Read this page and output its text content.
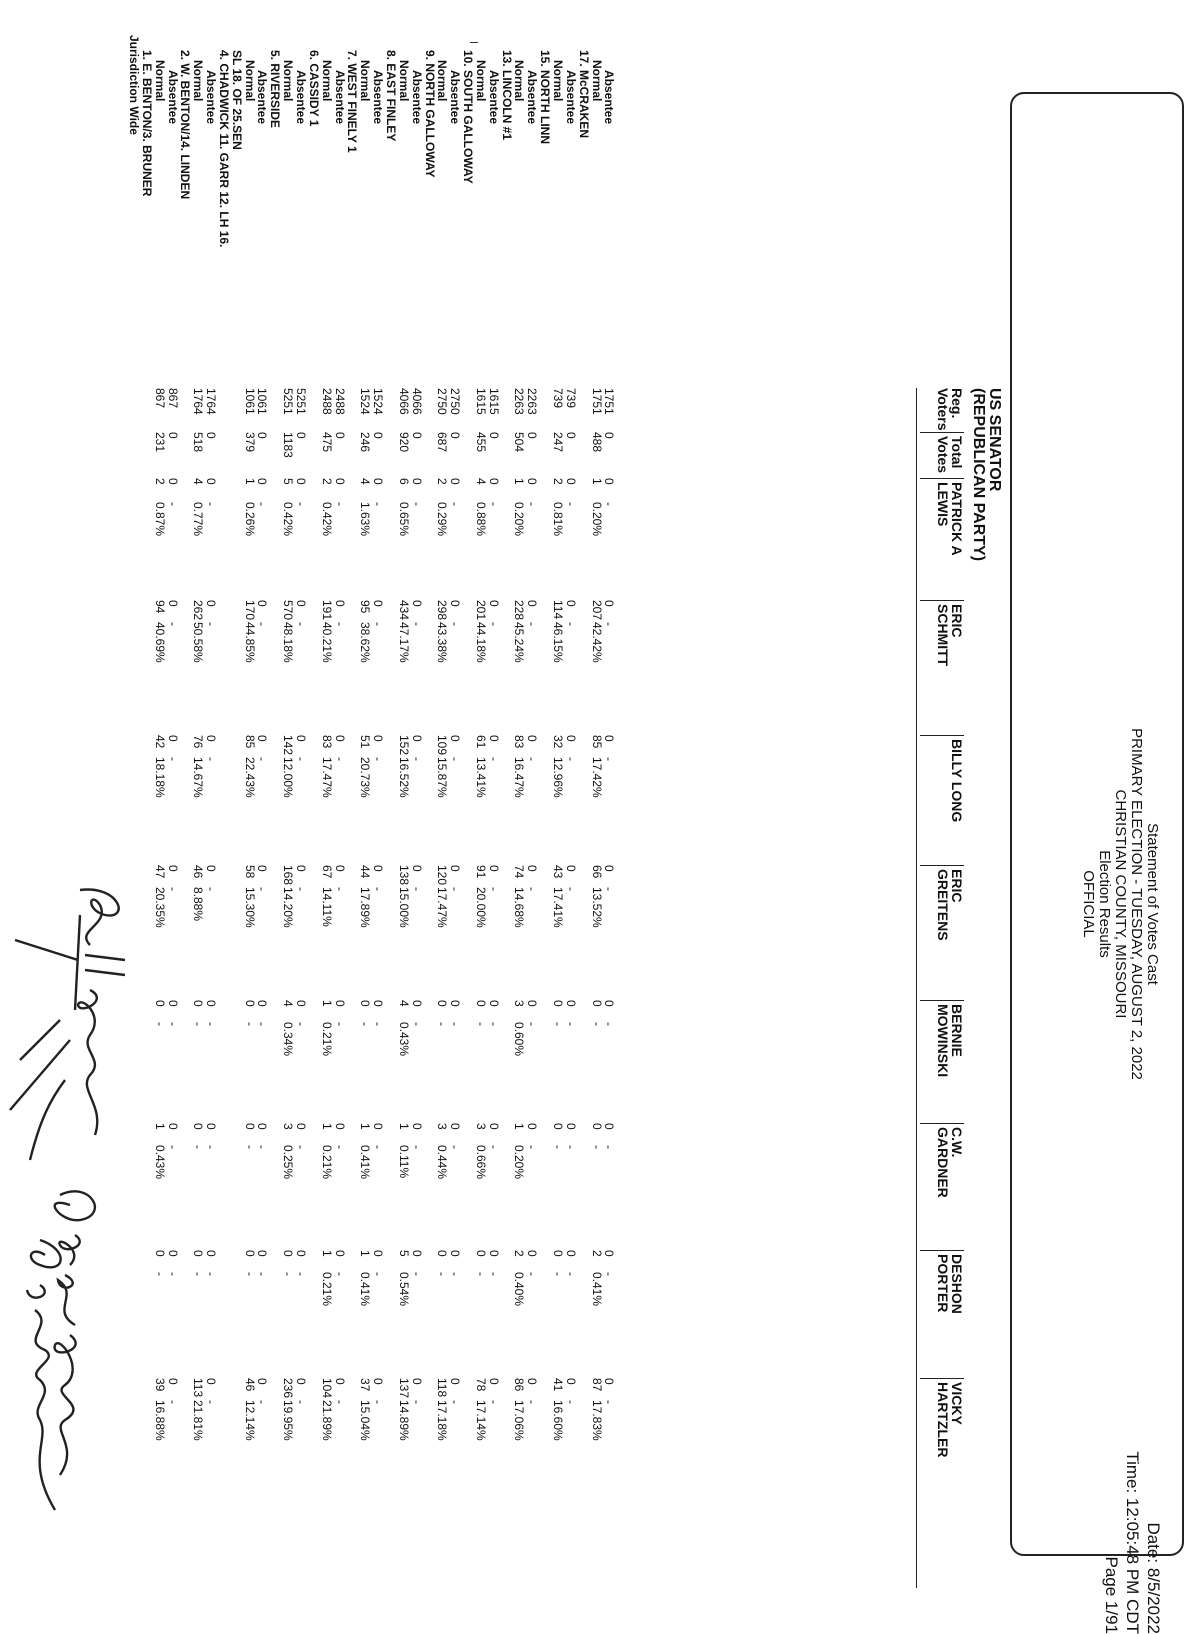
Statement of Votes Cast
PRIMARY ELECTION - TUESDAY, AUGUST 2, 2022
CHRISTIAN COUNTY, MISSOURI
Election Results
OFFICIAL
Date: 8/5/2022
Time: 12:05:48 PM CDT
Page 1/91
US SENATOR
(REPUBLICAN PARTY)
Reg.
Voters
Total
Votes
PATRICK A
LEWIS
ERIC
SCHMITT
BILLY LONG
ERIC
GREITENS
BERNIE
MOWINSKI
C.W.
GARDNER
DESHON
PORTER
VICKY
HARTZLER
Jurisdiction Wide
1. E. BENTON/3. BRUNER
Normal
867
231
2
0.87%
94
40.69%
42
18.18%
47
20.35%
0
-
1
0.43%
0
-
39
16.88%
Absentee
867
0
0
-
0
-
0
-
0
-
0
-
0
-
0
-
0
-
2. W. BENTON/14. LINDEN
Normal
1764
518
4
0.77%
262
50.58%
76
14.67%
46
8.88%
0
-
0
-
0
-
113
21.81%
Absentee
1764
0
0
-
0
-
0
-
0
-
0
-
0
-
0
-
0
-
4. CHADWICK 11. GARR 12. LH 16.
SL 18. OF 25.SEN
Normal
1061
379
1
0.26%
170
44.85%
85
22.43%
58
15.30%
0
-
0
-
0
-
46
12.14%
Absentee
1061
0
0
-
0
-
0
-
0
-
0
-
0
-
0
-
0
-
5. RIVERSIDE
Normal
5251
1183
5
0.42%
570
48.18%
142
12.00%
168
14.20%
4
0.34%
3
0.25%
0
-
236
19.95%
Absentee
5251
0
0
-
0
-
0
-
0
-
0
-
0
-
0
-
0
-
6. CASSIDY 1
Normal
2488
475
2
0.42%
191
40.21%
83
17.47%
67
14.11%
1
0.21%
1
0.21%
1
0.21%
104
21.89%
Absentee
2488
0
0
-
0
-
0
-
0
-
0
-
0
-
0
-
0
-
7. WEST FINELY 1
Normal
1524
246
4
1.63%
95
38.62%
51
20.73%
44
17.89%
0
-
1
0.41%
1
0.41%
37
15.04%
Absentee
1524
0
0
-
0
-
0
-
0
-
0
-
0
-
0
-
0
-
8. EAST FINLEY
Normal
4066
920
6
0.65%
434
47.17%
152
16.52%
138
15.00%
4
0.43%
1
0.11%
5
0.54%
137
14.89%
Absentee
4066
0
0
-
0
-
0
-
0
-
0
-
0
-
0
-
0
-
9. NORTH GALLOWAY
Normal
2750
687
2
0.29%
298
43.38%
109
15.87%
120
17.47%
0
-
3
0.44%
0
-
118
17.18%
Absentee
2750
0
0
-
0
-
0
-
0
-
0
-
0
-
0
-
0
-
10. SOUTH GALLOWAY
Normal
1615
455
4
0.88%
201
44.18%
61
13.41%
91
20.00%
0
-
3
0.66%
0
-
78
17.14%
Absentee
1615
0
0
-
0
-
0
-
0
-
0
-
0
-
0
-
0
-
13. LINCOLN #1
Normal
2263
504
1
0.20%
228
45.24%
83
16.47%
74
14.68%
3
0.60%
1
0.20%
2
0.40%
86
17.06%
Absentee
2263
0
0
-
0
-
0
-
0
-
0
-
0
-
0
-
0
-
15. NORTH LINN
Normal
739
247
2
0.81%
114
46.15%
32
12.96%
43
17.41%
0
-
0
-
0
-
41
16.60%
Absentee
739
0
0
-
0
-
0
-
0
-
0
-
0
-
0
-
0
-
17. McCRAKEN
Normal
1751
488
1
0.20%
207
42.42%
85
17.42%
66
13.52%
0
-
0
-
2
0.41%
87
17.83%
Absentee
1751
0
0
-
0
-
0
-
0
-
0
-
0
-
0
-
0
-
